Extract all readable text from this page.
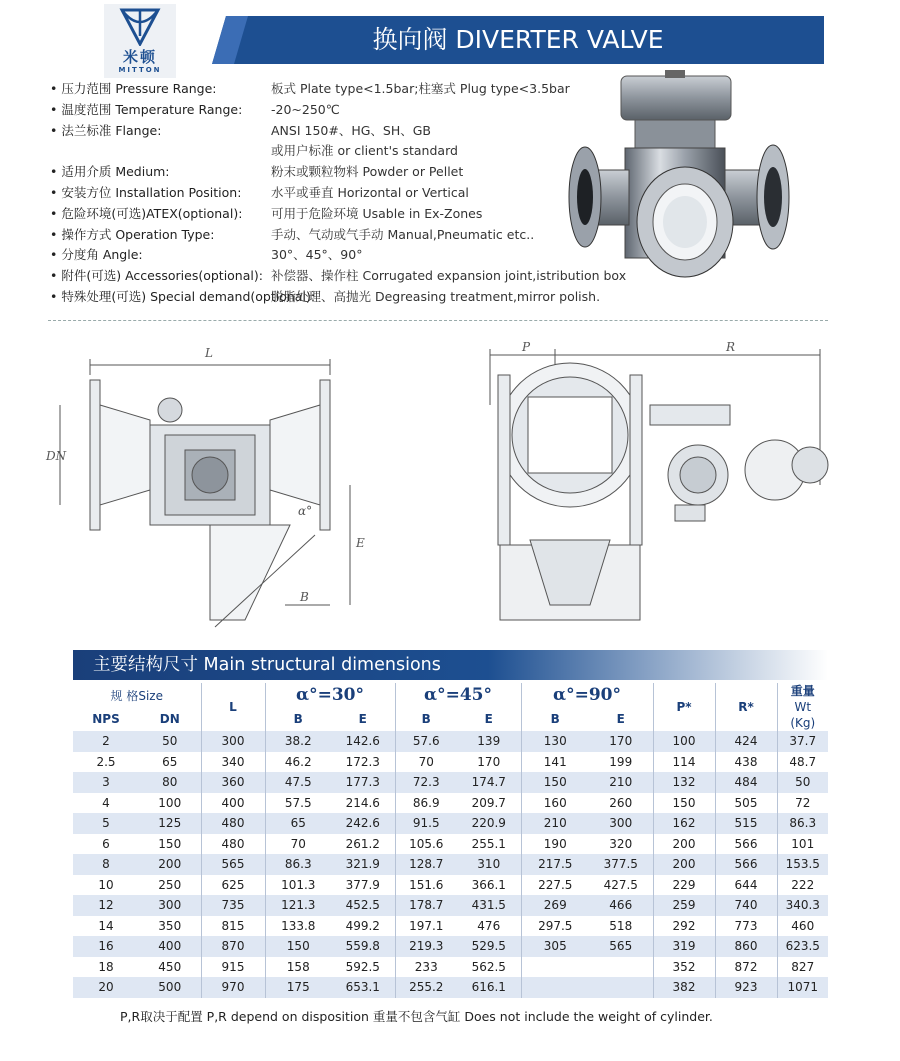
米顿
MITTON
换向阀 DIVERTER VALVE
• 压力范围 Pressure Range:	板式 Plate type<1.5bar;柱塞式 Plug type<3.5bar
• 温度范围 Temperature Range: -20~250℃
• 法兰标准 Flange:	ANSI 150#、HG、SH、GB
或用户标准 or client's standard
• 适用介质 Medium:	粉末或颗粒物料 Powder or Pellet
• 安装方位 Installation Position: 水平或垂直 Horizontal or Vertical
• 危险环境(可选)ATEX(optional): 可用于危险环境 Usable in Ex-Zones
• 操作方式 Operation Type:	手动、气动或气手动 Manual,Pneumatic etc..
• 分度角 Angle:	30°、45°、90°
• 附件(可选) Accessories(optional): 补偿器、操作柱 Corrugated expansion joint,istribution box
• 特殊处理(可选) Special demand(optional):
脱脂处理、高抛光 Degreasing treatment,mirror polish.
L
DN
E
B
α°
P	R
主要结构尺寸 Main structural dimensions
规 格Size		L	α°=30°		α°=45°		α°=90°		P*	R*	重量
Wt
(Kg)
NPS	DN		B	E	B	E	B	E			
2	50	300	38.2	142.6	57.6	139	130	170	100	424	37.7
2.5	65	340	46.2	172.3	70	170	141	199	114	438	48.7
3	80	360	47.5	177.3	72.3	174.7	150	210	132	484	50
4	100	400	57.5	214.6	86.9	209.7	160	260	150	505	72
5	125	480	65	242.6	91.5	220.9	210	300	162	515	86.3
6	150	480	70	261.2	105.6	255.1	190	320	200	566	101
8	200	565	86.3	321.9	128.7	310	217.5	377.5	200	566	153.5
10	250	625	101.3	377.9	151.6	366.1	227.5	427.5	229	644	222
12	300	735	121.3	452.5	178.7	431.5	269	466	259	740	340.3
14	350	815	133.8	499.2	197.1	476	297.5	518	292	773	460
16	400	870	150	559.8	219.3	529.5	305	565	319	860	623.5
18	450	915	158	592.5	233	562.5			352	872	827
20	500	970	175	653.1	255.2	616.1			382	923	1071
P,R取决于配置 P,R depend on disposition 重量不包含气缸 Does not include the weight of cylinder.
